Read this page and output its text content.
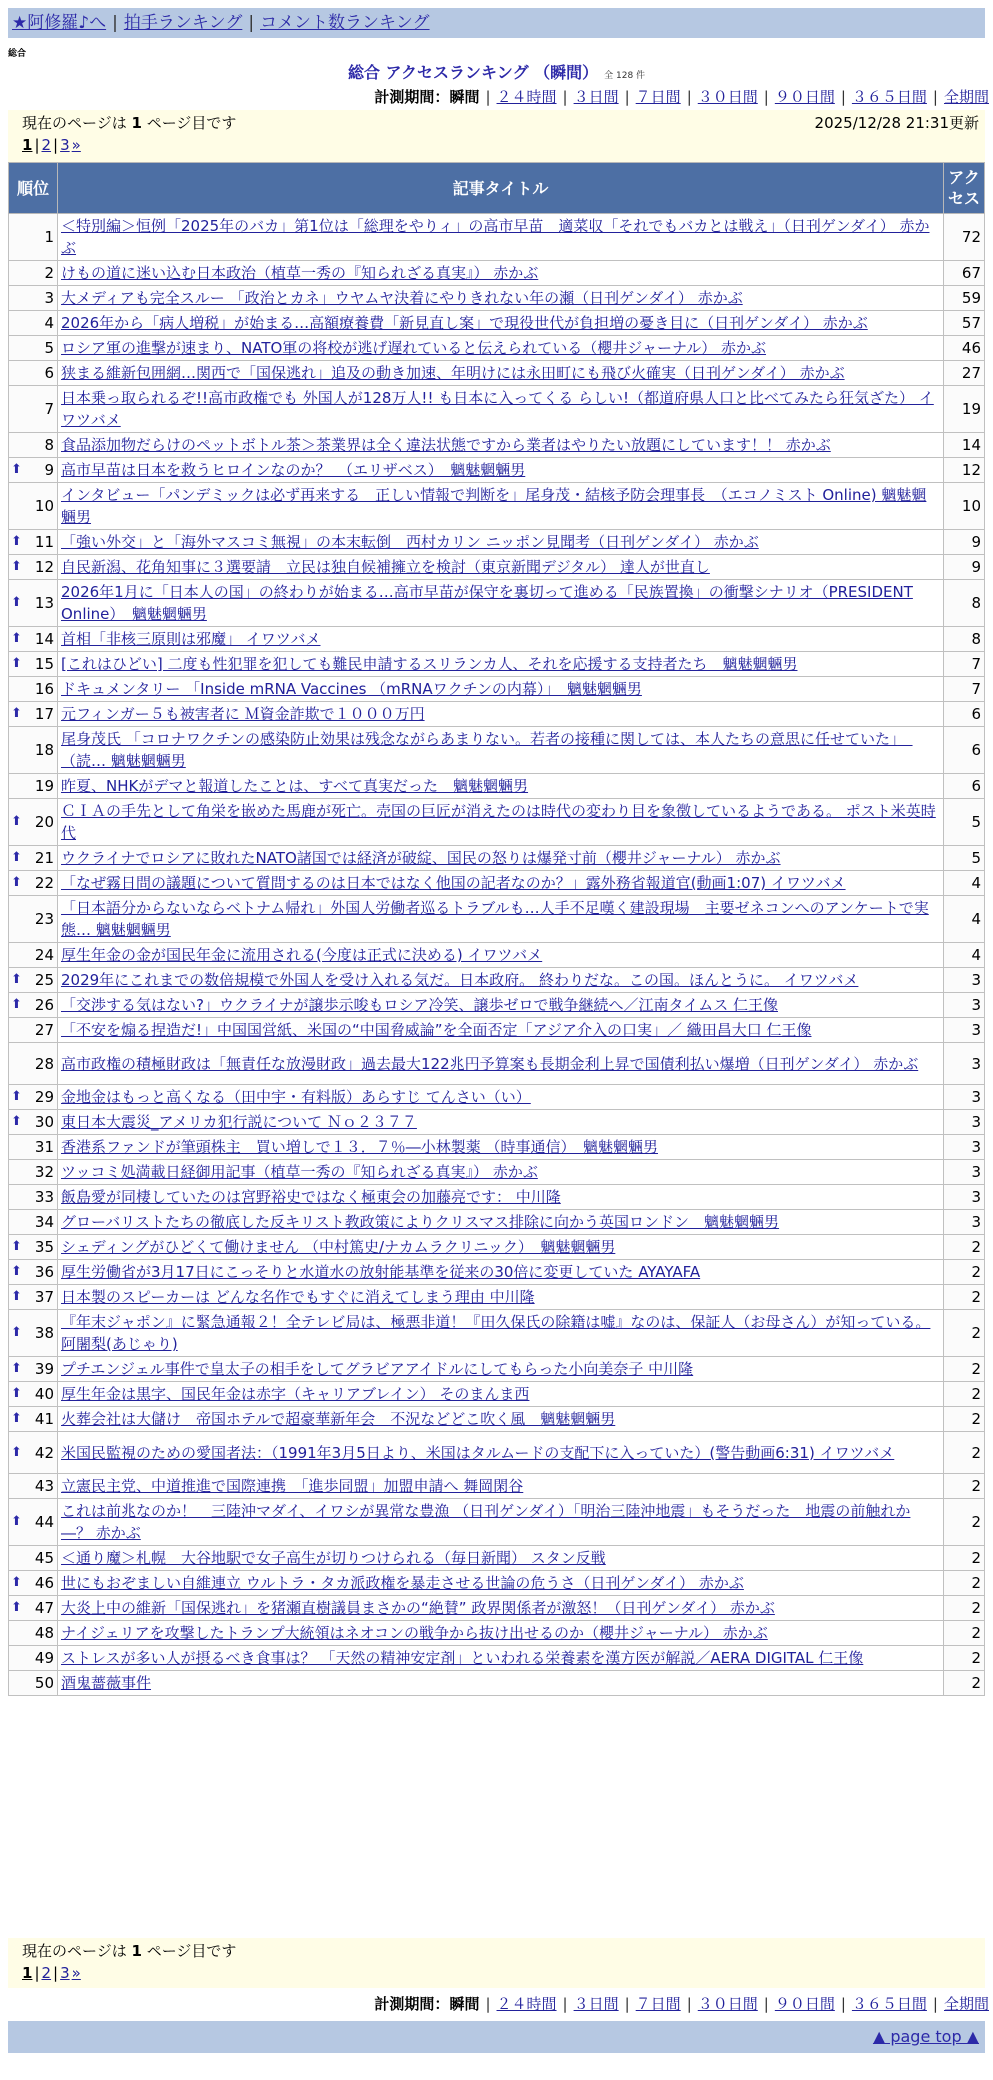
★阿修羅♪へ | 拍手ランキング | コメント数ランキング
総合
総合 アクセスランキング （瞬間） 全 128 件
計測期間：瞬間 | ２４時間 | ３日間 | ７日間 | ３０日間 | ９０日間 | ３６５日間 | 全期間
現在のページは 1 ページ目です	2025/12/28 21:31更新
1 | 2 | 3 »
順位	記事タイトル	アクセス
1	＜特別編＞恒例「2025年のバカ」第1位は「総理をやりィ」の高市早苗　適菜収「それでもバカとは戦え」（日刊ゲンダイ） 赤かぶ	72
2	けもの道に迷い込む日本政治（植草一秀の『知られざる真実』） 赤かぶ	67
3	大メディアも完全スルー 「政治とカネ」ウヤムヤ決着にやりきれない年の瀬（日刊ゲンダイ） 赤かぶ	59
4	2026年から「病人増税」が始まる…高額療養費「新見直し案」で現役世代が負担増の憂き目に（日刊ゲンダイ） 赤かぶ	57
5	ロシア軍の進撃が速まり、NATO軍の将校が逃げ遅れていると伝えられている（櫻井ジャーナル） 赤かぶ	46
6	狭まる維新包囲網…関西で「国保逃れ」追及の動き加速、年明けには永田町にも飛び火確実（日刊ゲンダイ） 赤かぶ	27
7	日本乗っ取られるぞ!!高市政権でも 外国人が128万人!! も日本に入ってくる らしい!（都道府県人口と比べてみたら狂気ざた） イワツバメ	19
8	食品添加物だらけのペットボトル茶＞茶業界は全く違法状態ですから業者はやりたい放題にしています！！ 赤かぶ	14

⬆ 9	高市早苗は日本を救うヒロインなのか？　（エリザベス）　魑魅魍魎男	12
10	インタビュー「パンデミックは必ず再来する　正しい情報で判断を」尾身茂・結核予防会理事長　（エコノミスト Online) 魑魅魍魎男	10

⬆ 11	「強い外交」と「海外マスコミ無視」の本末転倒　西村カリン ニッポン見聞考（日刊ゲンダイ） 赤かぶ	9

⬆ 12	自民新潟、花角知事に３選要請　立民は独自候補擁立を検討（東京新聞デジタル） 達人が世直し	9

⬆ 13	2026年1月に「日本人の国」の終わりが始まる…高市早苗が保守を裏切って進める「民族置換」の衝撃シナリオ（PRESIDENT Online）　魑魅魍魎男	8

⬆ 14	首相「非核三原則は邪魔」 イワツバメ	8

⬆ 15	[これはひどい] 二度も性犯罪を犯しても難民申請するスリランカ人、それを応援する支持者たち　魑魅魍魎男	7
16	ドキュメンタリー 「Inside mRNA Vaccines （mRNAワクチンの内幕）」　魑魅魍魎男	7

⬆ 17	元フィンガー５も被害者に Ｍ資金詐欺で１０００万円	6
18	尾身茂氏 「コロナワクチンの感染防止効果は残念ながらあまりない。若者の接種に関しては、本人たちの意思に任せていた」　（読… 魑魅魍魎男	6
19	昨夏、NHKがデマと報道したことは、すべて真実だった　魑魅魍魎男	6

⬆ 20	ＣＩＡの手先として角栄を嵌めた馬鹿が死亡。売国の巨匠が消えたのは時代の変わり目を象徴しているようである。 ポスト米英時代	5

⬆ 21	ウクライナでロシアに敗れたNATO諸国では経済が破綻、国民の怒りは爆発寸前（櫻井ジャーナル） 赤かぶ	5

⬆ 22	「なぜ霧日問の議題について質問するのは日本ではなく他国の記者なのか？」露外務省報道官(動画1:07) イワツバメ	4
23	「日本語分からないならベトナム帰れ」外国人労働者巡るトラブルも…人手不足嘆く建設現場　主要ゼネコンへのアンケートで実態… 魑魅魍魎男	4
24	厚生年金の金が国民年金に流用される(今度は正式に決める) イワツバメ	4

⬆ 25	2029年にこれまでの数倍規模で外国人を受け入れる気だ。日本政府。 終わりだな。この国。ほんとうに。 イワツバメ	3

⬆ 26	「交渉する気はない?」ウクライナが譲歩示唆もロシア冷笑、譲歩ゼロで戦争継続へ／江南タイムス 仁王像	3
27	「不安を煽る捏造だ!」中国国営紙、米国の“中国脅威論”を全面否定「アジア介入の口実」／ 織田昌大口 仁王像	3
28	高市政権の積極財政は「無責任な放漫財政」過去最大122兆円予算案も長期金利上昇で国債利払い爆増（日刊ゲンダイ） 赤かぶ	3

⬆ 29	金地金はもっと高くなる（田中宇・有料版）あらすじ てんさい（い）	3

⬆ 30	東日本大震災_アメリカ犯行説について Ｎｏ２３７７	3
31	香港系ファンドが筆頭株主　買い増しで１３．７％―小林製薬 （時事通信）　魑魅魍魎男	3
32	ツッコミ処満載日経御用記事（植草一秀の『知られざる真実』） 赤かぶ	3
33	飯島愛が同棲していたのは宮野裕史ではなく極東会の加藤亮です： 中川隆	3
34	グローバリストたちの徹底した反キリスト教政策によりクリスマス排除に向かう英国ロンドン　魑魅魍魎男	3

⬆ 35	シェディングがひどくて働けません （中村篤史/ナカムラクリニック）　魑魅魍魎男	2

⬆ 36	厚生労働省が3月17日にこっそりと水道水の放射能基準を従来の30倍に変更していた AYAYAFA	2

⬆ 37	日本製のスピーカーは どんな名作でもすぐに消えてしまう理由 中川隆	2

⬆ 38	『年末ジャポン』に緊急通報２！全テレビ局は、極悪非道！『田久保氏の除籍は嘘』なのは、保証人（お母さん）が知っている。 阿闍梨(あじゃり)	2

⬆ 39	プチエンジェル事件で皇太子の相手をしてグラビアアイドルにしてもらった小向美奈子 中川隆	2

⬆ 40	厚生年金は黒字、国民年金は赤字（キャリアブレイン） そのまんま西	2

⬆ 41	火葬会社は大儲け　帝国ホテルで超豪華新年会　不況などどこ吹く風　魑魅魍魎男	2

⬆ 42	米国民監視のための愛国者法：（1991年3月5日より、米国はタルムードの支配下に入っていた）(警告動画6:31) イワツバメ	2
43	立憲民主党、中道推進で国際連携　「進歩同盟」加盟申請へ 舞岡閑谷	2

⬆ 44	これは前兆なのか！　三陸沖マダイ、イワシが異常な豊漁 （日刊ゲンダイ）「明治三陸沖地震」もそうだった　地震の前触れか―？ 赤かぶ	2
45	＜通り魔＞札幌　大谷地駅で女子高生が切りつけられる（毎日新聞） スタン反戦	2

⬆ 46	世にもおぞましい自維連立 ウルトラ・タカ派政権を暴走させる世論の危うさ（日刊ゲンダイ） 赤かぶ	2

⬆ 47	大炎上中の維新「国保逃れ」を猪瀬直樹議員まさかの“絶賛” 政界関係者が激怒！（日刊ゲンダイ） 赤かぶ	2
48	ナイジェリアを攻撃したトランプ大統領はネオコンの戦争から抜け出せるのか（櫻井ジャーナル） 赤かぶ	2
49	ストレスが多い人が摂るべき食事は？ 「天然の精神安定剤」といわれる栄養素を漢方医が解説／AERA DIGITAL 仁王像	2
50	酒鬼薔薇事件	2
現在のページは 1 ページ目です
1 | 2 | 3 »
計測期間：瞬間 | ２４時間 | ３日間 | ７日間 | ３０日間 | ９０日間 | ３６５日間 | 全期間
▲ page top ▲
